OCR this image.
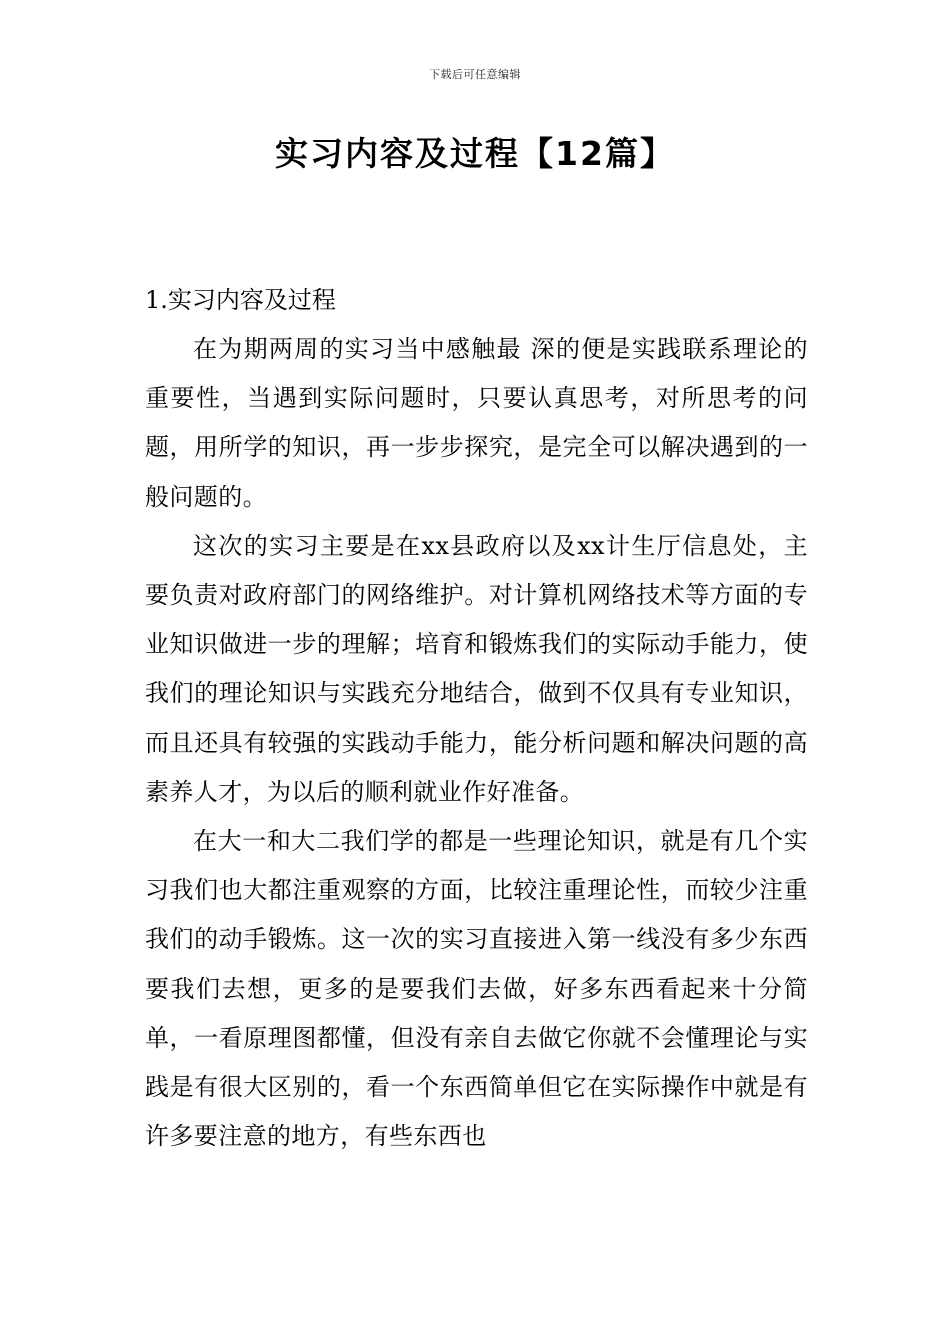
下载后可任意编辑
实习内容及过程【12篇】

1.实习内容及过程

在为期两周的实习当中感触最 深的便是实践联系理论的重要性，当遇到实际问题时，只要认真思考，对所思考的问题，用所学的知识，再一步步探究，是完全可以解决遇到的一般问题的。

这次的实习主要是在xx县政府以及xx计生厅信息处，主要负责对政府部门的网络维护。对计算机网络技术等方面的专业知识做进一步的理解；培育和锻炼我们的实际动手能力，使我们的理论知识与实践充分地结合，做到不仅具有专业知识，而且还具有较强的实践动手能力，能分析问题和解决问题的高素养人才，为以后的顺利就业作好准备。

在大一和大二我们学的都是一些理论知识，就是有几个实习我们也大都注重观察的方面，比较注重理论性，而较少注重我们的动手锻炼。这一次的实习直接进入第一线没有多少东西要我们去想，更多的是要我们去做，好多东西看起来十分简单，一看原理图都懂，但没有亲自去做它你就不会懂理论与实践是有很大区别的，看一个东西简单但它在实际操作中就是有许多要注意的地方，有些东西也
